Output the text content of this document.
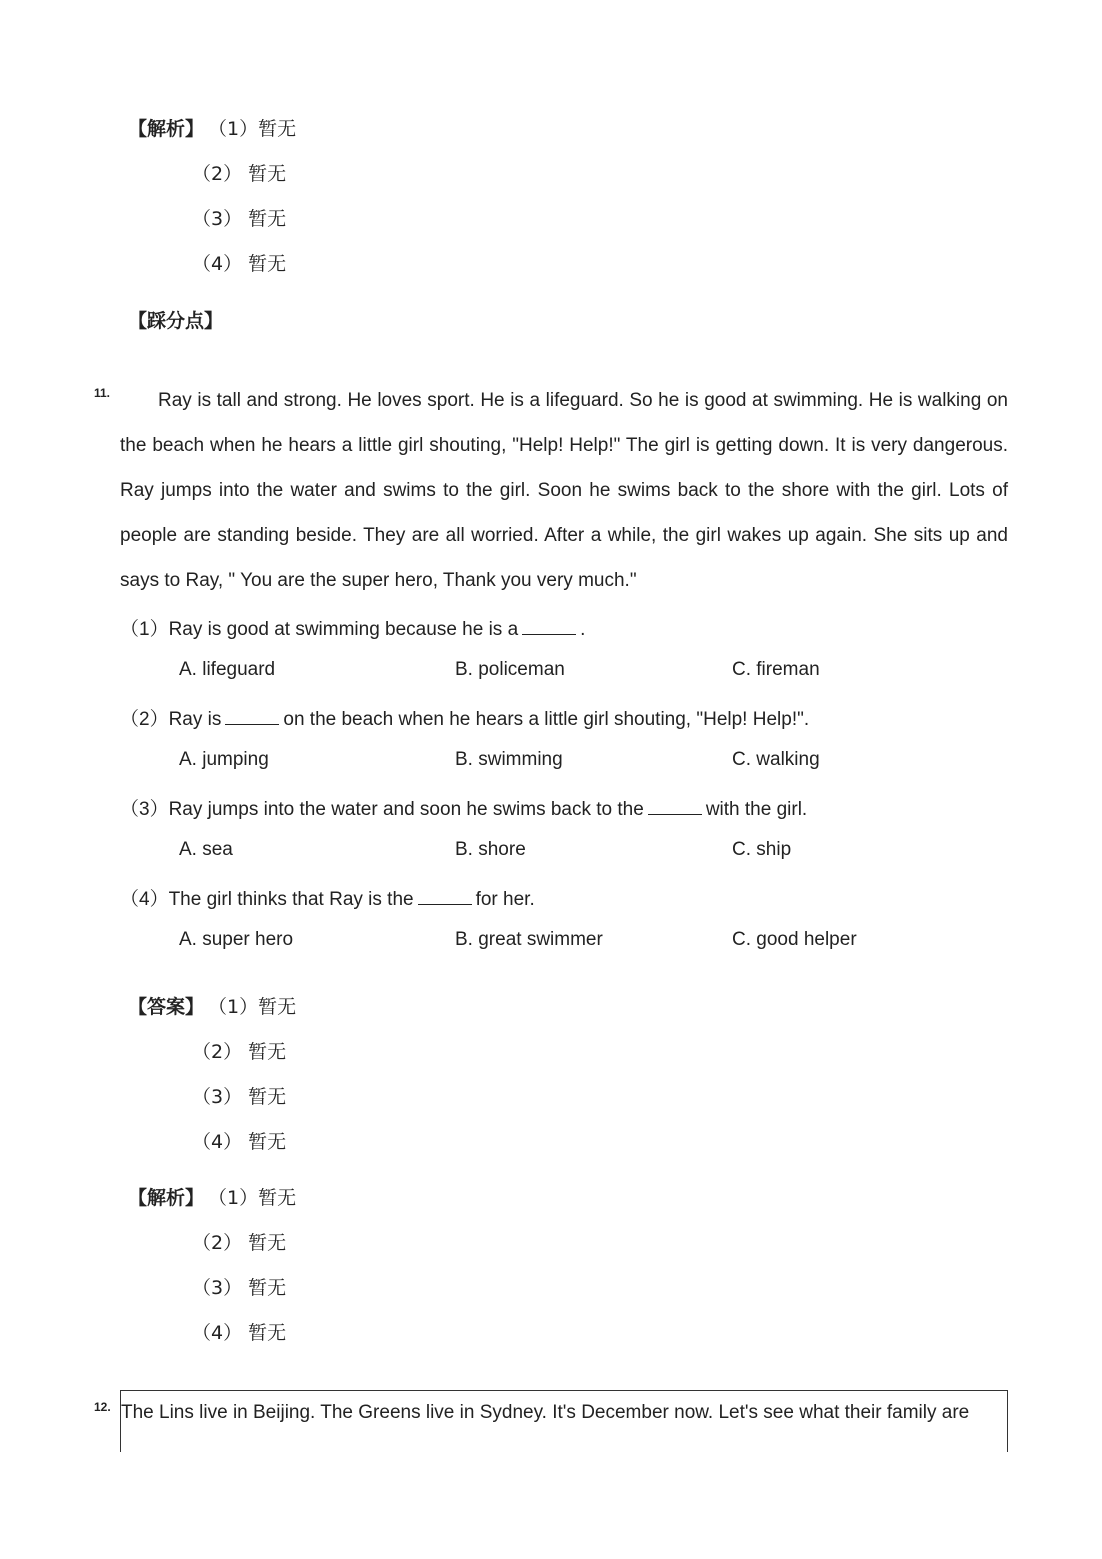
【解析】 （1）暂无
（2） 暂无
（3） 暂无
（4） 暂无
【踩分点】
11.	Ray is tall and strong. He loves sport. He is a lifeguard. So he is good at swimming. He is walking on the beach when he hears a little girl shouting, "Help! Help!" The girl is getting down. It is very dangerous. Ray jumps into the water and swims to the girl. Soon he swims back to the shore with the girl. Lots of people are standing beside. They are all worried. After a while, the girl wakes up again. She sits up and says to Ray, " You are the super hero, Thank you very much."
（1）Ray is good at swimming because he is a	.
A. lifeguard	B. policeman	C. fireman
（2）Ray is	on the beach when he hears a little girl shouting, "Help! Help!".
A. jumping	B. swimming	C. walking
（3）Ray jumps into the water and soon he swims back to the	with the girl.
A. sea	B. shore	C. ship
（4）The girl thinks that Ray is the	for her.
A. super hero	B. great swimmer	C. good helper
【答案】 （1）暂无
（2） 暂无
（3） 暂无
（4） 暂无
【解析】 （1）暂无
（2） 暂无
（3） 暂无
（4） 暂无
12. The Lins live in Beijing. The Greens live in Sydney. It's December now. Let's see what their family are
